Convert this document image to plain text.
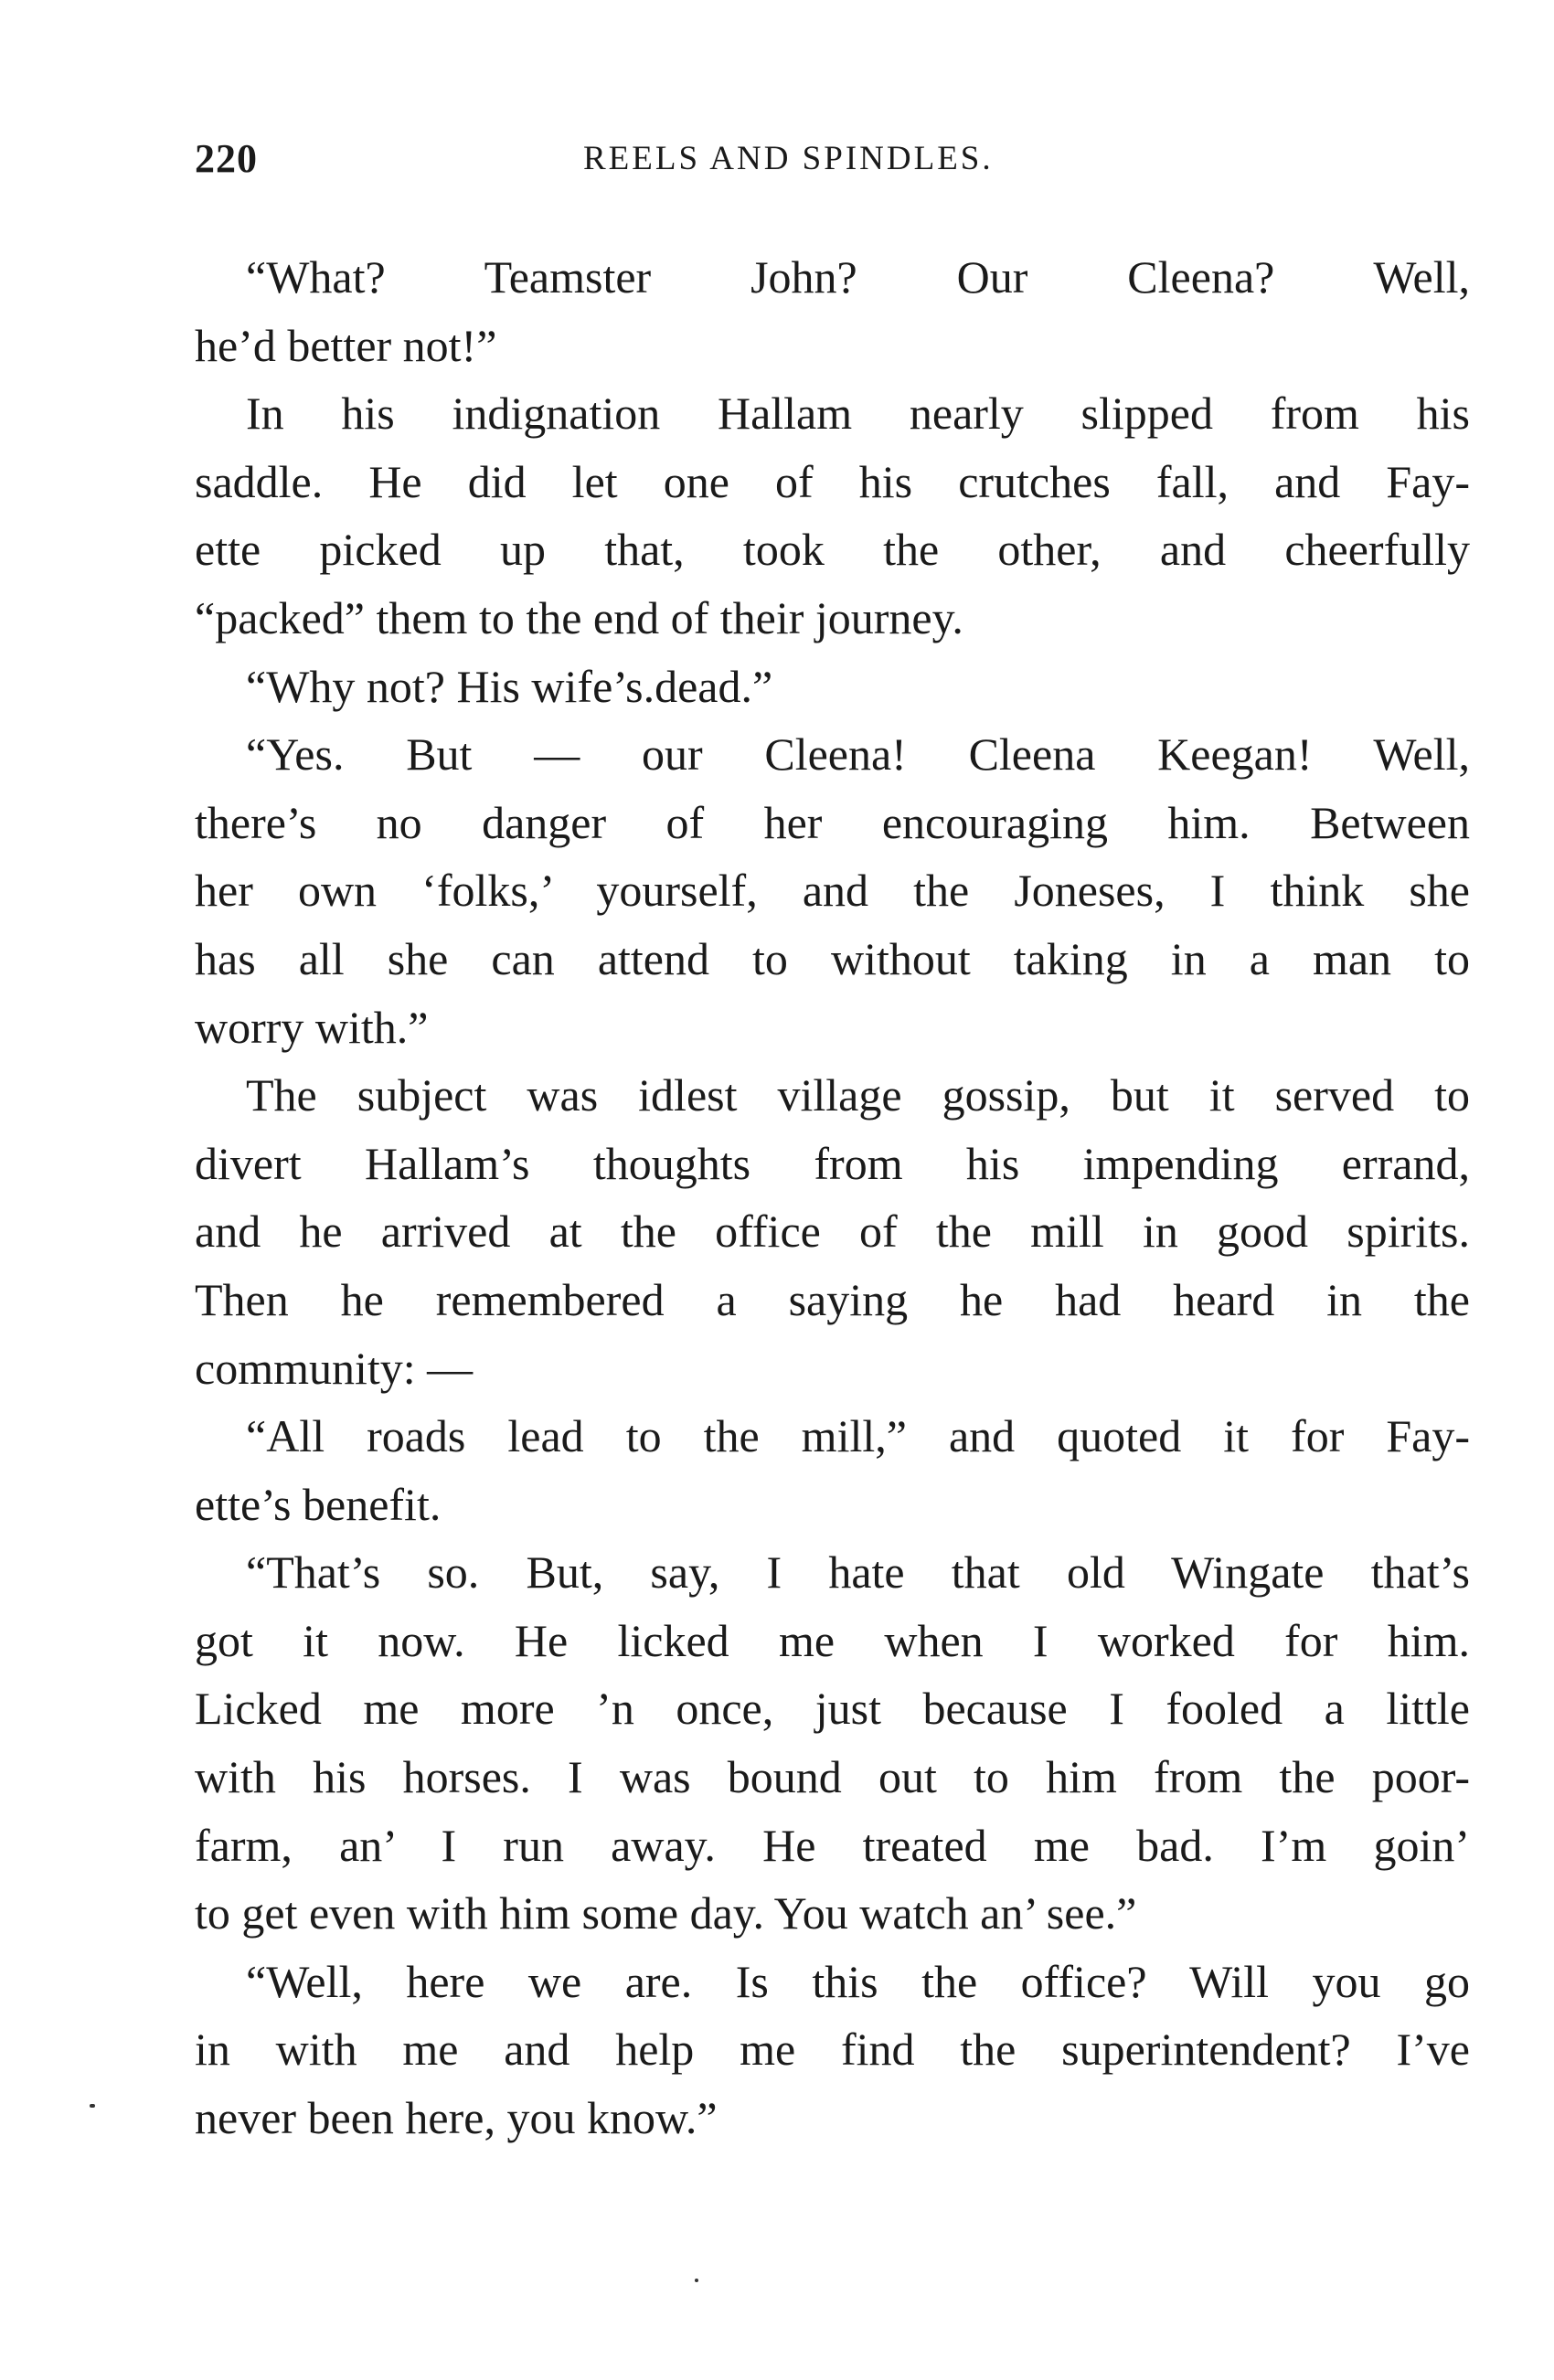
220	REELS AND SPINDLES.
“What? Teamster John? Our Cleena? Well,
he’d better not!”
In his indignation Hallam nearly slipped from his
saddle. He did let one of his crutches fall, and Fay-
ette picked up that, took the other, and cheerfully
“packed” them to the end of their journey.
“Why not? His wife’s.dead.”
“Yes. But — our Cleena! Cleena Keegan! Well,
there’s no danger of her encouraging him. Between
her own ‘folks,’ yourself, and the Joneses, I think she
has all she can attend to without taking in a man to
worry with.”
The subject was idlest village gossip, but it served to
divert Hallam’s thoughts from his impending errand,
and he arrived at the office of the mill in good spirits.
Then he remembered a saying he had heard in the
community: —
“All roads lead to the mill,” and quoted it for Fay-
ette’s benefit.
“That’s so. But, say, I hate that old Wingate that’s
got it now. He licked me when I worked for him.
Licked me more ’n once, just because I fooled a little
with his horses. I was bound out to him from the poor-
farm, an’ I run away. He treated me bad. I’m goin’
to get even with him some day. You watch an’ see.”
“Well, here we are. Is this the office? Will you go
in with me and help me find the superintendent? I’ve
never been here, you know.”
